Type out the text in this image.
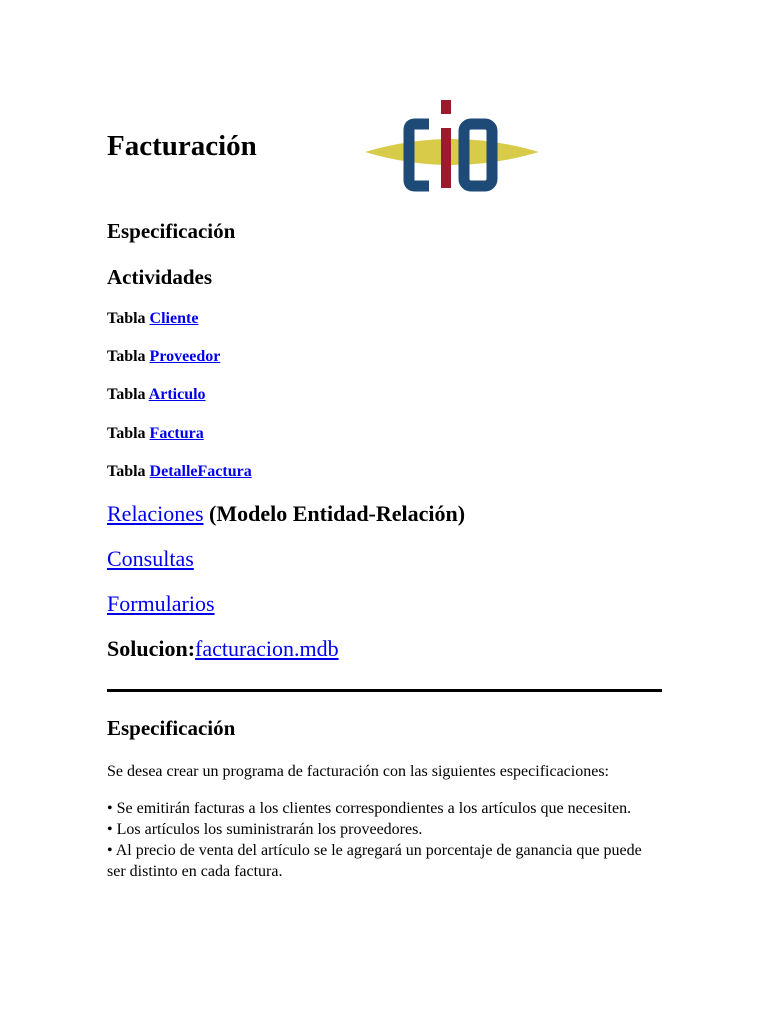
Facturación
Especificación
Actividades
Tabla Cliente
Tabla Proveedor
Tabla Articulo
Tabla Factura
Tabla DetalleFactura
Relaciones (Modelo Entidad-Relación)
Consultas
Formularios
Solucion:facturacion.mdb
Especificación

Se desea crear un programa de facturación con las siguientes especificaciones:

• Se emitirán facturas a los clientes correspondientes a los artículos que necesiten.
• Los artículos los suministrarán los proveedores.
• Al precio de venta del artículo se le agregará un porcentaje de ganancia que puede ser distinto en cada factura.
